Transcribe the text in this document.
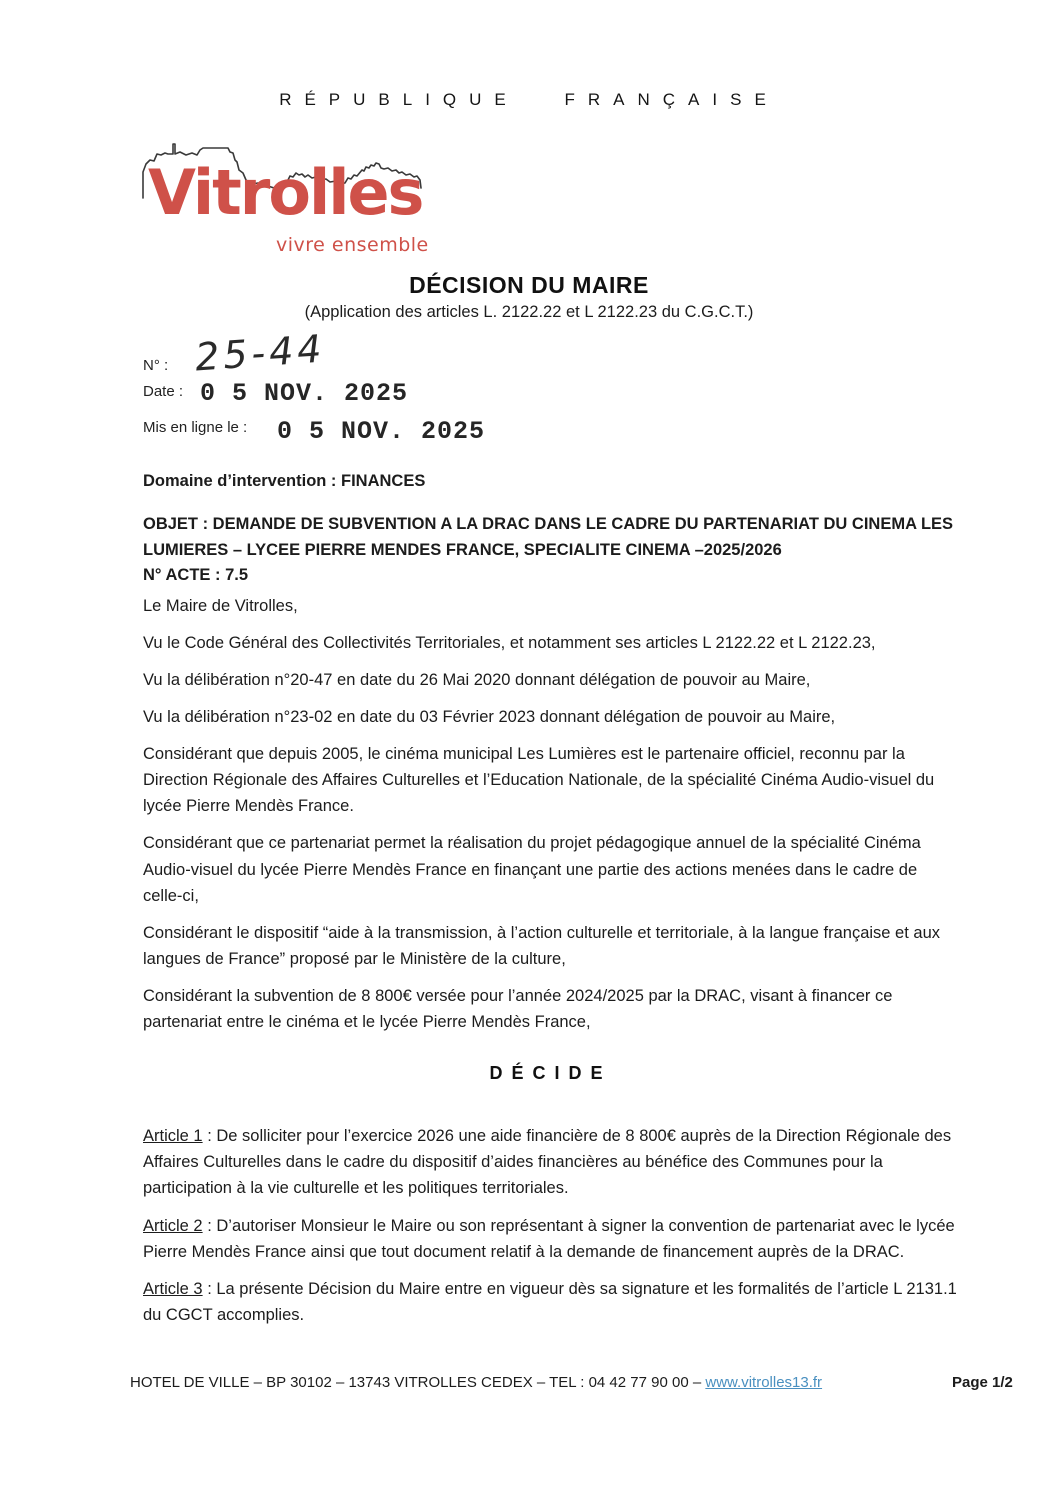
RÉPUBLIQUE FRANÇAISE
Vitrolles
vivre ensemble
DÉCISION DU MAIRE
(Application des articles L. 2122.22 et L 2122.23 du C.G.C.T.)
N° : 25-44
Date : 0 5 NOV. 2025
Mis en ligne le : 0 5 NOV. 2025
Domaine d’intervention : FINANCES
OBJET : DEMANDE DE SUBVENTION A LA DRAC DANS LE CADRE DU PARTENARIAT DU CINEMA LES LUMIERES – LYCEE PIERRE MENDES FRANCE, SPECIALITE CINEMA –2025/2026
N° ACTE : 7.5

Le Maire de Vitrolles,

Vu le Code Général des Collectivités Territoriales, et notamment ses articles L 2122.22 et L 2122.23,

Vu la délibération n°20-47 en date du 26 Mai 2020 donnant délégation de pouvoir au Maire,

Vu la délibération n°23-02 en date du 03 Février 2023 donnant délégation de pouvoir au Maire,

Considérant que depuis 2005, le cinéma municipal Les Lumières est le partenaire officiel, reconnu par la Direction Régionale des Affaires Culturelles et l’Education Nationale, de la spécialité Cinéma Audio-visuel du lycée Pierre Mendès France.

Considérant que ce partenariat permet la réalisation du projet pédagogique annuel de la spécialité Cinéma Audio-visuel du lycée Pierre Mendès France en finançant une partie des actions menées dans le cadre de celle-ci,

Considérant le dispositif “aide à la transmission, à l’action culturelle et territoriale, à la langue française et aux langues de France” proposé par le Ministère de la culture,

Considérant la subvention de 8 800€ versée pour l’année 2024/2025 par la DRAC, visant à financer ce partenariat entre le cinéma et le lycée Pierre Mendès France,

DÉCIDE

Article 1 : De solliciter pour l’exercice 2026 une aide financière de 8 800€ auprès de la Direction Régionale des Affaires Culturelles dans le cadre du dispositif d’aides financières au bénéfice des Communes pour la participation à la vie culturelle et les politiques territoriales.

Article 2 : D’autoriser Monsieur le Maire ou son représentant à signer la convention de partenariat avec le lycée Pierre Mendès France ainsi que tout document relatif à la demande de financement auprès de la DRAC.

Article 3 : La présente Décision du Maire entre en vigueur dès sa signature et les formalités de l’article L 2131.1 du CGCT accomplies.

HOTEL DE VILLE – BP 30102 – 13743 VITROLLES CEDEX – TEL : 04 42 77 90 00 – www.vitrolles13.fr	Page 1/2
